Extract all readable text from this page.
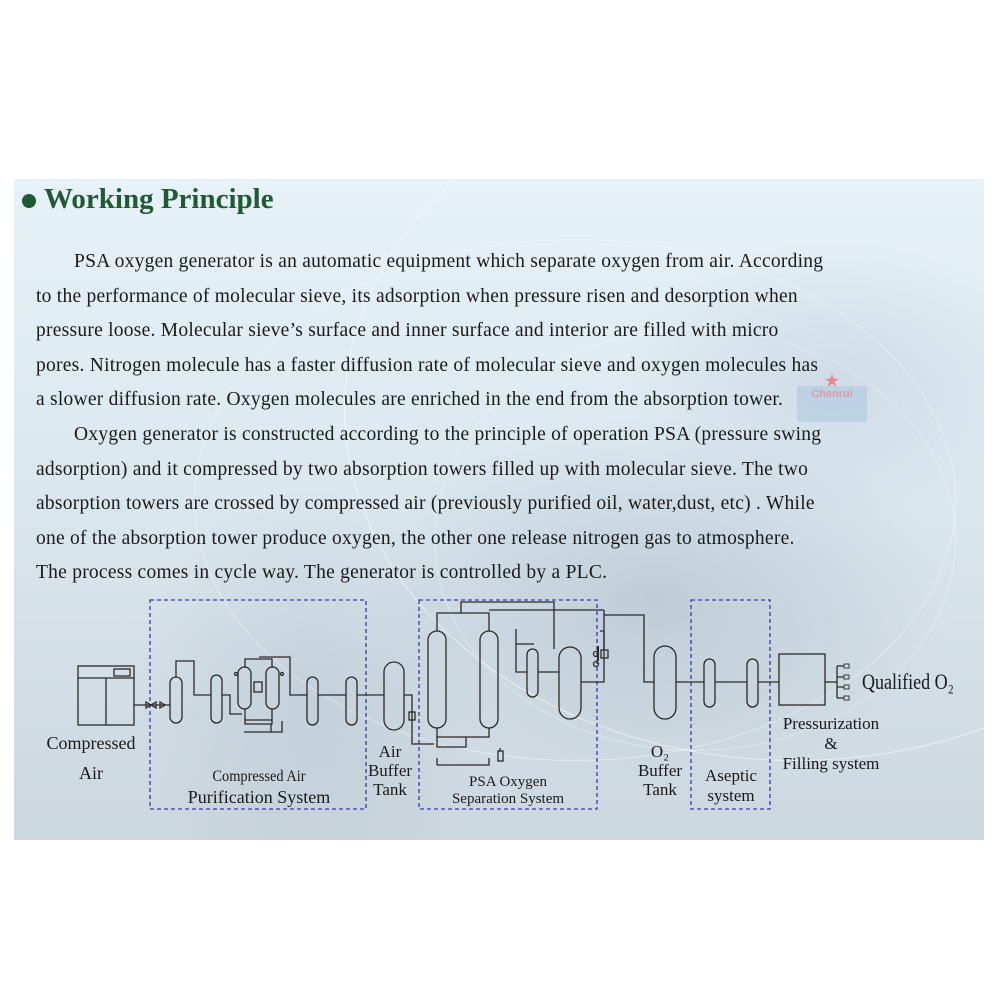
Working Principle
PSA oxygen generator is an automatic equipment which separate oxygen from air. According
to the performance of molecular sieve, its adsorption when pressure risen and desorption when
pressure loose. Molecular sieve’s surface and inner surface and interior are filled with micro
pores. Nitrogen molecule has a faster diffusion rate of molecular sieve and oxygen molecules has
a slower diffusion rate. Oxygen molecules are enriched in the end from the absorption tower.
Oxygen generator is constructed according to the principle of operation PSA (pressure swing
adsorption) and it compressed by two absorption towers filled up with molecular sieve. The two
absorption towers are crossed by compressed air (previously purified oil, water,dust, etc) . While
one of the absorption tower produce oxygen, the other one release nitrogen gas to atmosphere.
The process comes in cycle way. The generator is controlled by a PLC.
★
Chenrui
Compressed
Air	Compressed Air
Purification System
Air
Buffer
Tank	PSA Oxygen
Separation System
O₂
Buffer
Tank
Aseptic
system
Pressurization
&
Filling system
Qualified O₂
